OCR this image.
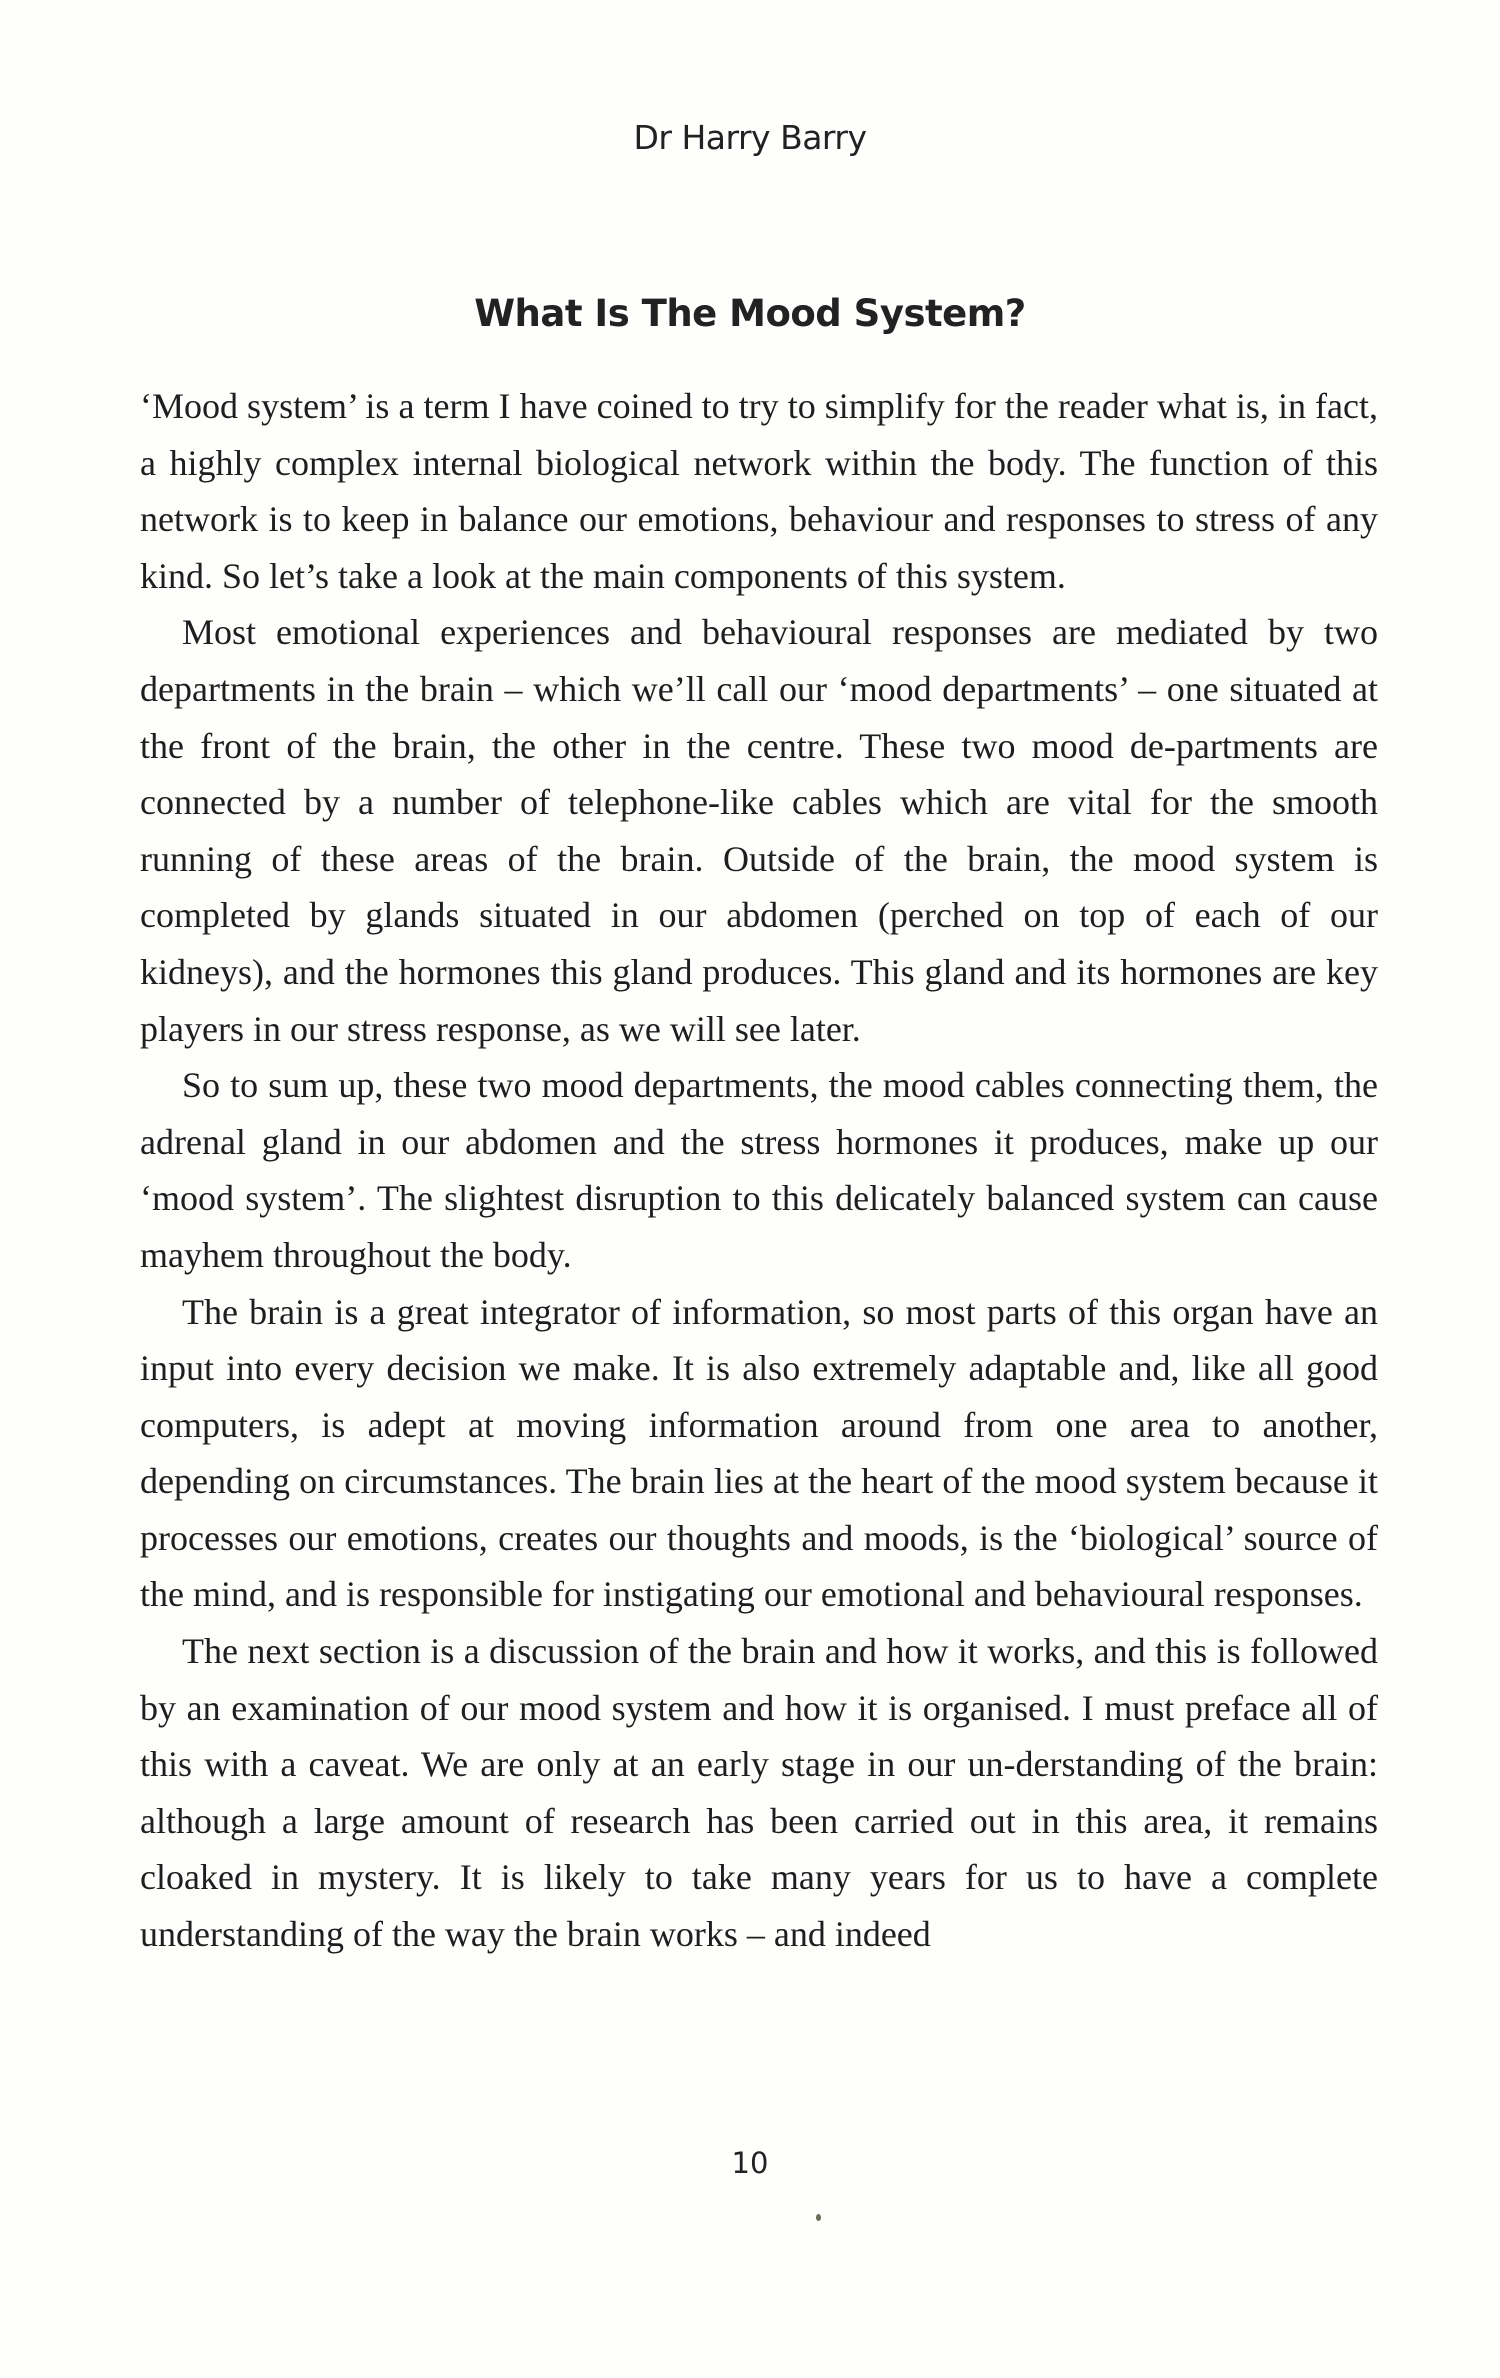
Dr Harry Barry
What Is The Mood System?

‘Mood system’ is a term I have coined to try to simplify for the reader what is, in fact, a highly complex internal biological network within the body. The function of this network is to keep in balance our emotions, behaviour and responses to stress of any kind. So let’s take a look at the main components of this system.

Most emotional experiences and behavioural responses are mediated by two departments in the brain – which we’ll call our ‘mood departments’ – one situated at the front of the brain, the other in the centre. These two mood de-partments are connected by a number of telephone-like cables which are vital for the smooth running of these areas of the brain. Outside of the brain, the mood system is completed by glands situated in our abdomen (perched on top of each of our kidneys), and the hormones this gland produces. This gland and its hormones are key players in our stress response, as we will see later.

So to sum up, these two mood departments, the mood cables connecting them, the adrenal gland in our abdomen and the stress hormones it produces, make up our ‘mood system’. The slightest disruption to this delicately balanced system can cause mayhem throughout the body.

The brain is a great integrator of information, so most parts of this organ have an input into every decision we make. It is also extremely adaptable and, like all good computers, is adept at moving information around from one area to another, depending on circumstances. The brain lies at the heart of the mood system because it processes our emotions, creates our thoughts and moods, is the ‘biological’ source of the mind, and is responsible for instigating our emotional and behavioural responses.

The next section is a discussion of the brain and how it works, and this is followed by an examination of our mood system and how it is organised. I must preface all of this with a caveat. We are only at an early stage in our un-derstanding of the brain: although a large amount of research has been carried out in this area, it remains cloaked in mystery. It is likely to take many years for us to have a complete understanding of the way the brain works – and indeed

10
